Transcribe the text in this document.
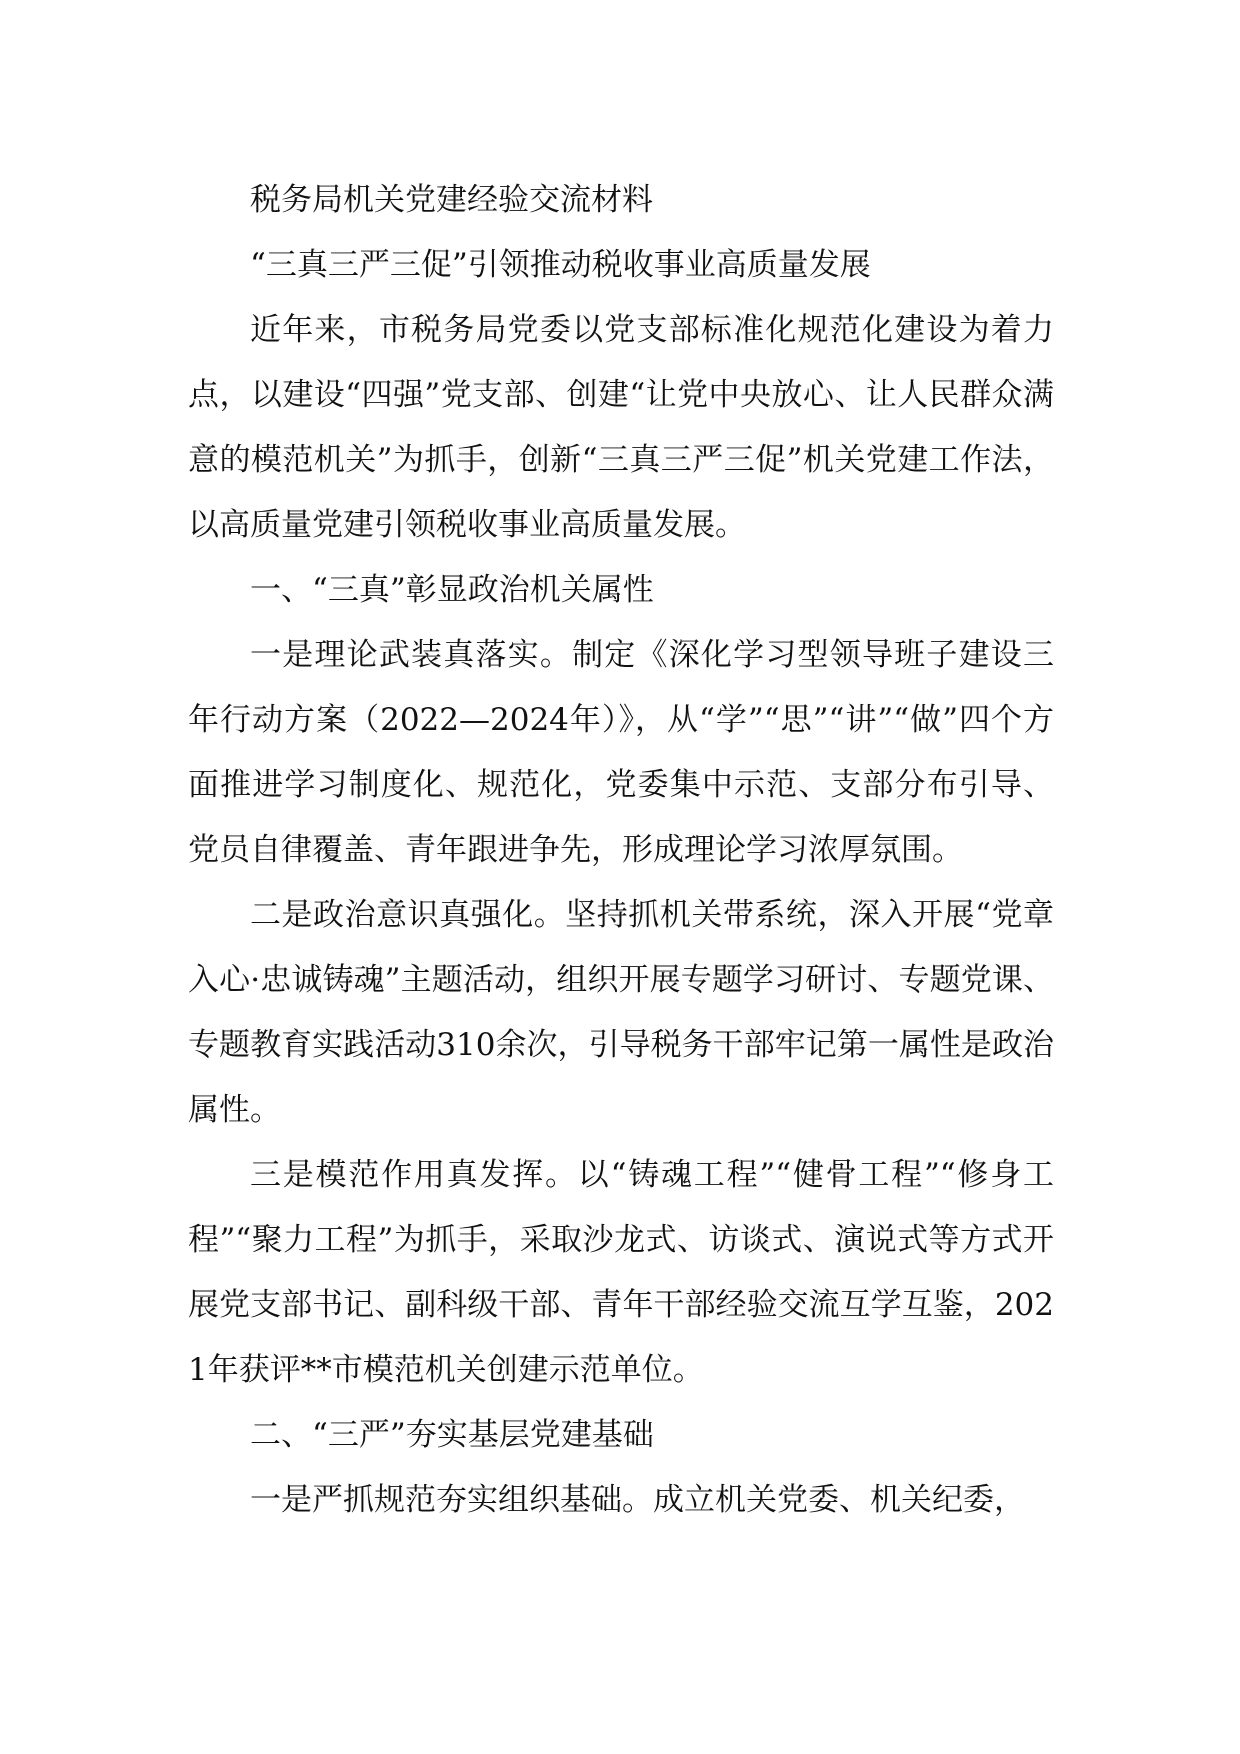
税务局机关党建经验交流材料

“三真三严三促”引领推动税收事业高质量发展

近年来，市税务局党委以党支部标准化规范化建设为着力点，以建设“四强”党支部、创建“让党中央放心、让人民群众满意的模范机关”为抓手，创新“三真三严三促”机关党建工作法，以高质量党建引领税收事业高质量发展。

一、“三真”彰显政治机关属性

一是理论武装真落实。制定《深化学习型领导班子建设三年行动方案（2022—2024年）》，从“学”“思”“讲”“做”四个方面推进学习制度化、规范化，党委集中示范、支部分布引导、党员自律覆盖、青年跟进争先，形成理论学习浓厚氛围。

二是政治意识真强化。坚持抓机关带系统，深入开展“党章入心·忠诚铸魂”主题活动，组织开展专题学习研讨、专题党课、专题教育实践活动310余次，引导税务干部牢记第一属性是政治属性。

三是模范作用真发挥。以“铸魂工程”“健骨工程”“修身工程”“聚力工程”为抓手，采取沙龙式、访谈式、演说式等方式开展党支部书记、副科级干部、青年干部经验交流互学互鉴，2021年获评**市模范机关创建示范单位。

二、“三严”夯实基层党建基础

一是严抓规范夯实组织基础。成立机关党委、机关纪委，
